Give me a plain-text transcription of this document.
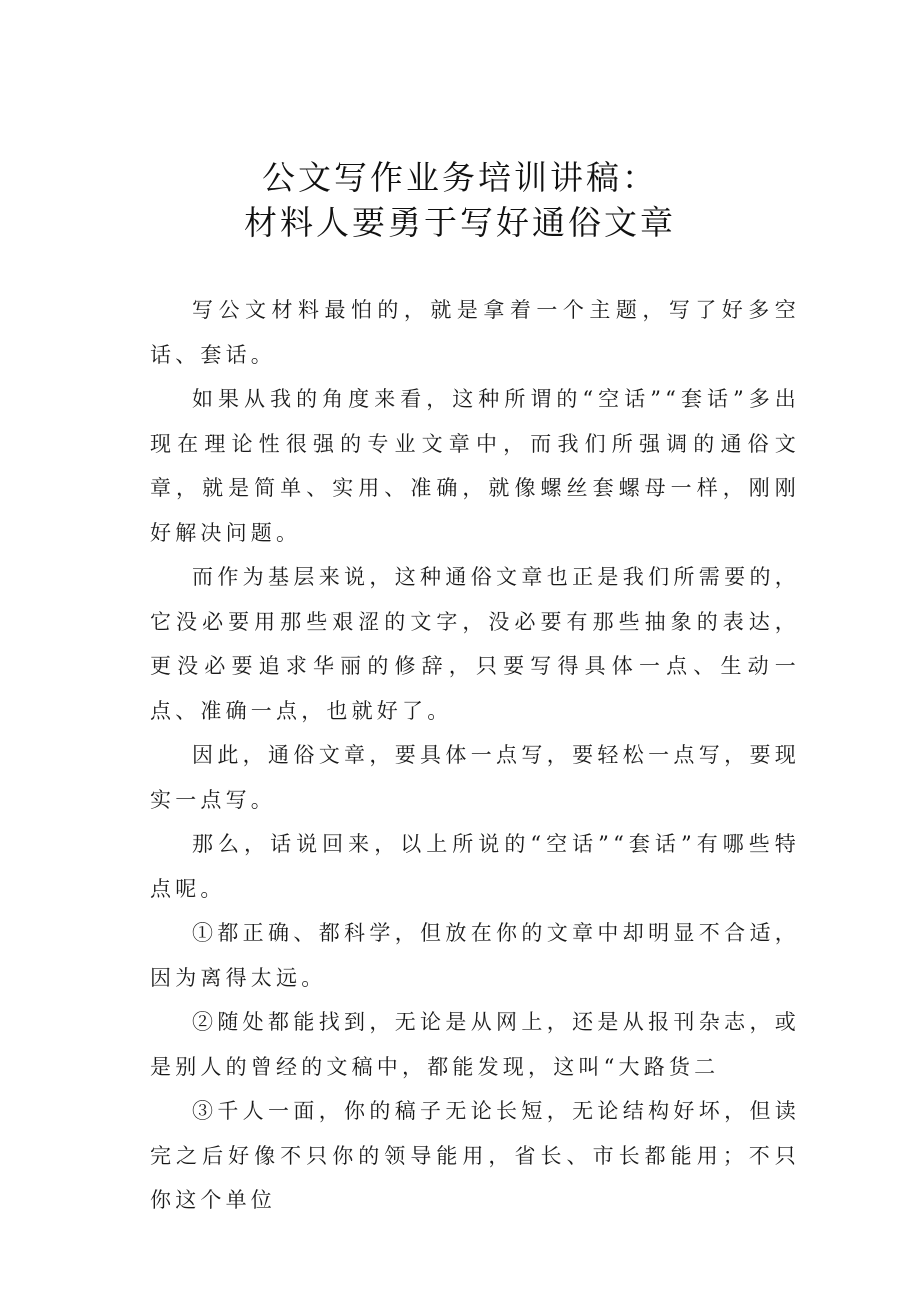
公文写作业务培训讲稿：
材料人要勇于写好通俗文章

写公文材料最怕的，就是拿着一个主题，写了好多空话、套话。

如果从我的角度来看，这种所谓的“空话”“套话”多出现在理论性很强的专业文章中，而我们所强调的通俗文章，就是简单、实用、准确，就像螺丝套螺母一样，刚刚好解决问题。

而作为基层来说，这种通俗文章也正是我们所需要的，它没必要用那些艰涩的文字，没必要有那些抽象的表达，更没必要追求华丽的修辞，只要写得具体一点、生动一点、准确一点，也就好了。

因此，通俗文章，要具体一点写，要轻松一点写，要现实一点写。

那么，话说回来，以上所说的“空话”“套话”有哪些特点呢。

①都正确、都科学，但放在你的文章中却明显不合适，因为离得太远。

②随处都能找到，无论是从网上，还是从报刊杂志，或是别人的曾经的文稿中，都能发现，这叫“大路货二

③千人一面，你的稿子无论长短，无论结构好坏，但读完之后好像不只你的领导能用，省长、市长都能用；不只你这个单位
